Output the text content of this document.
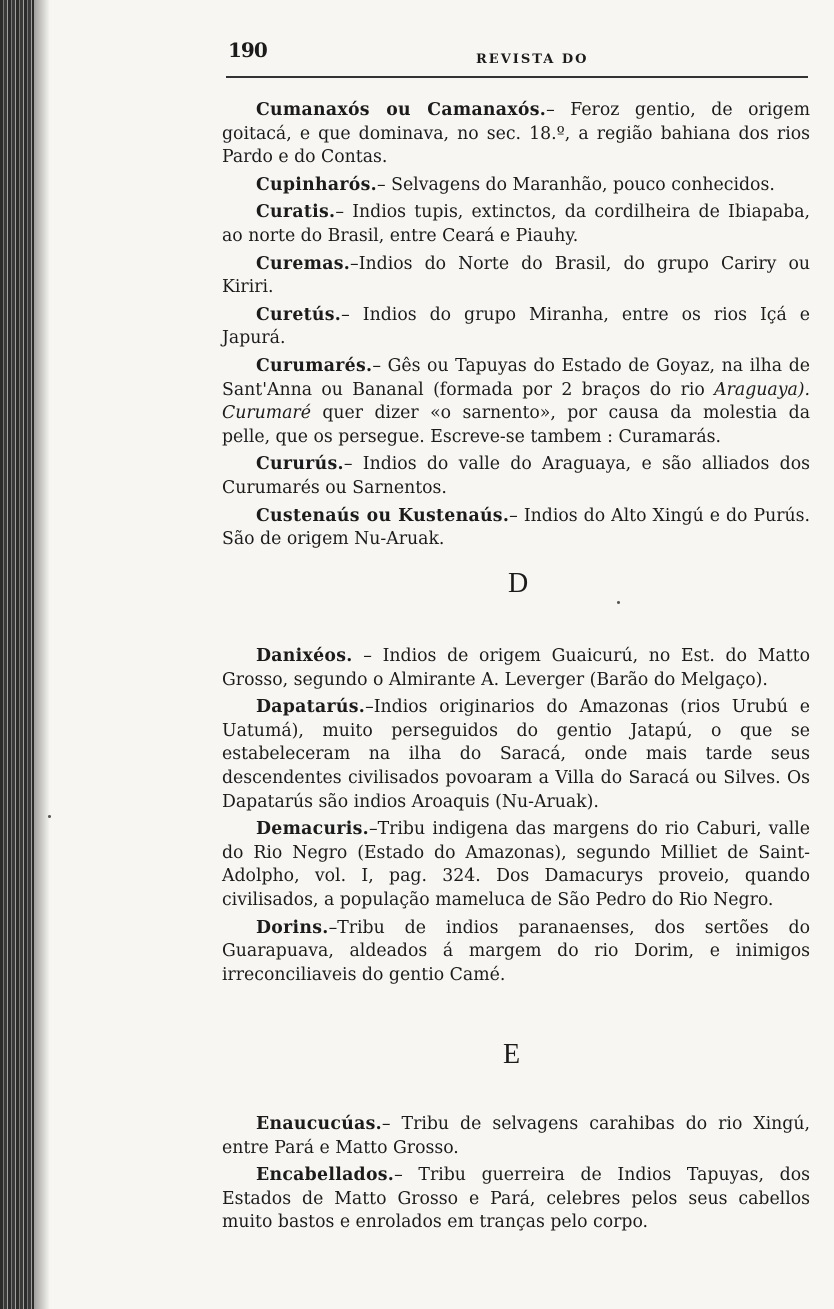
190	REVISTA DO

Cumanaxós ou Camanaxós.– Feroz gentio, de origem goitacá, e que dominava, no sec. 18.º, a região bahiana dos rios Pardo e do Contas.

Cupinharós.– Selvagens do Maranhão, pouco conhecidos.

Curatis.– Indios tupis, extinctos, da cordilheira de Ibiapaba, ao norte do Brasil, entre Ceará e Piauhy.

Curemas.–Indios do Norte do Brasil, do grupo Cariry ou Kiriri.

Curetús.– Indios do grupo Miranha, entre os rios Içá e Japurá.

Curumarés.– Gês ou Tapuyas do Estado de Goyaz, na ilha de Sant'Anna ou Bananal (formada por 2 braços do rio Araguaya). Curumaré quer dizer «o sarnento», por causa da molestia da pelle, que os persegue. Escreve-se tambem : Curamarás.

Cururús.– Indios do valle do Araguaya, e são alliados dos Curumarés ou Sarnentos.

Custenaús ou Kustenaús.– Indios do Alto Xingú e do Purús. São de origem Nu-Aruak.

D

Danixéos. – Indios de origem Guaicurú, no Est. do Matto Grosso, segundo o Almirante A. Leverger (Barão do Melgaço).

Dapatarús.–Indios originarios do Amazonas (rios Urubú e Uatumá), muito perseguidos do gentio Jatapú, o que se estabeleceram na ilha do Saracá, onde mais tarde seus descendentes civilisados povoaram a Villa do Saracá ou Silves. Os Dapatarús são indios Aroaquis (Nu-Aruak).

Demacuris.–Tribu indigena das margens do rio Caburi, valle do Rio Negro (Estado do Amazonas), segundo Milliet de Saint-Adolpho, vol. I, pag. 324. Dos Damacurys proveio, quando civilisados, a população mameluca de São Pedro do Rio Negro.

Dorins.–Tribu de indios paranaenses, dos sertões do Guarapuava, aldeados á margem do rio Dorim, e inimigos irreconciliaveis do gentio Camé.

E

Enaucucúas.– Tribu de selvagens carahibas do rio Xingú, entre Pará e Matto Grosso.

Encabellados.– Tribu guerreira de Indios Tapuyas, dos Estados de Matto Grosso e Pará, celebres pelos seus cabellos muito bastos e enrolados em tranças pelo corpo.
